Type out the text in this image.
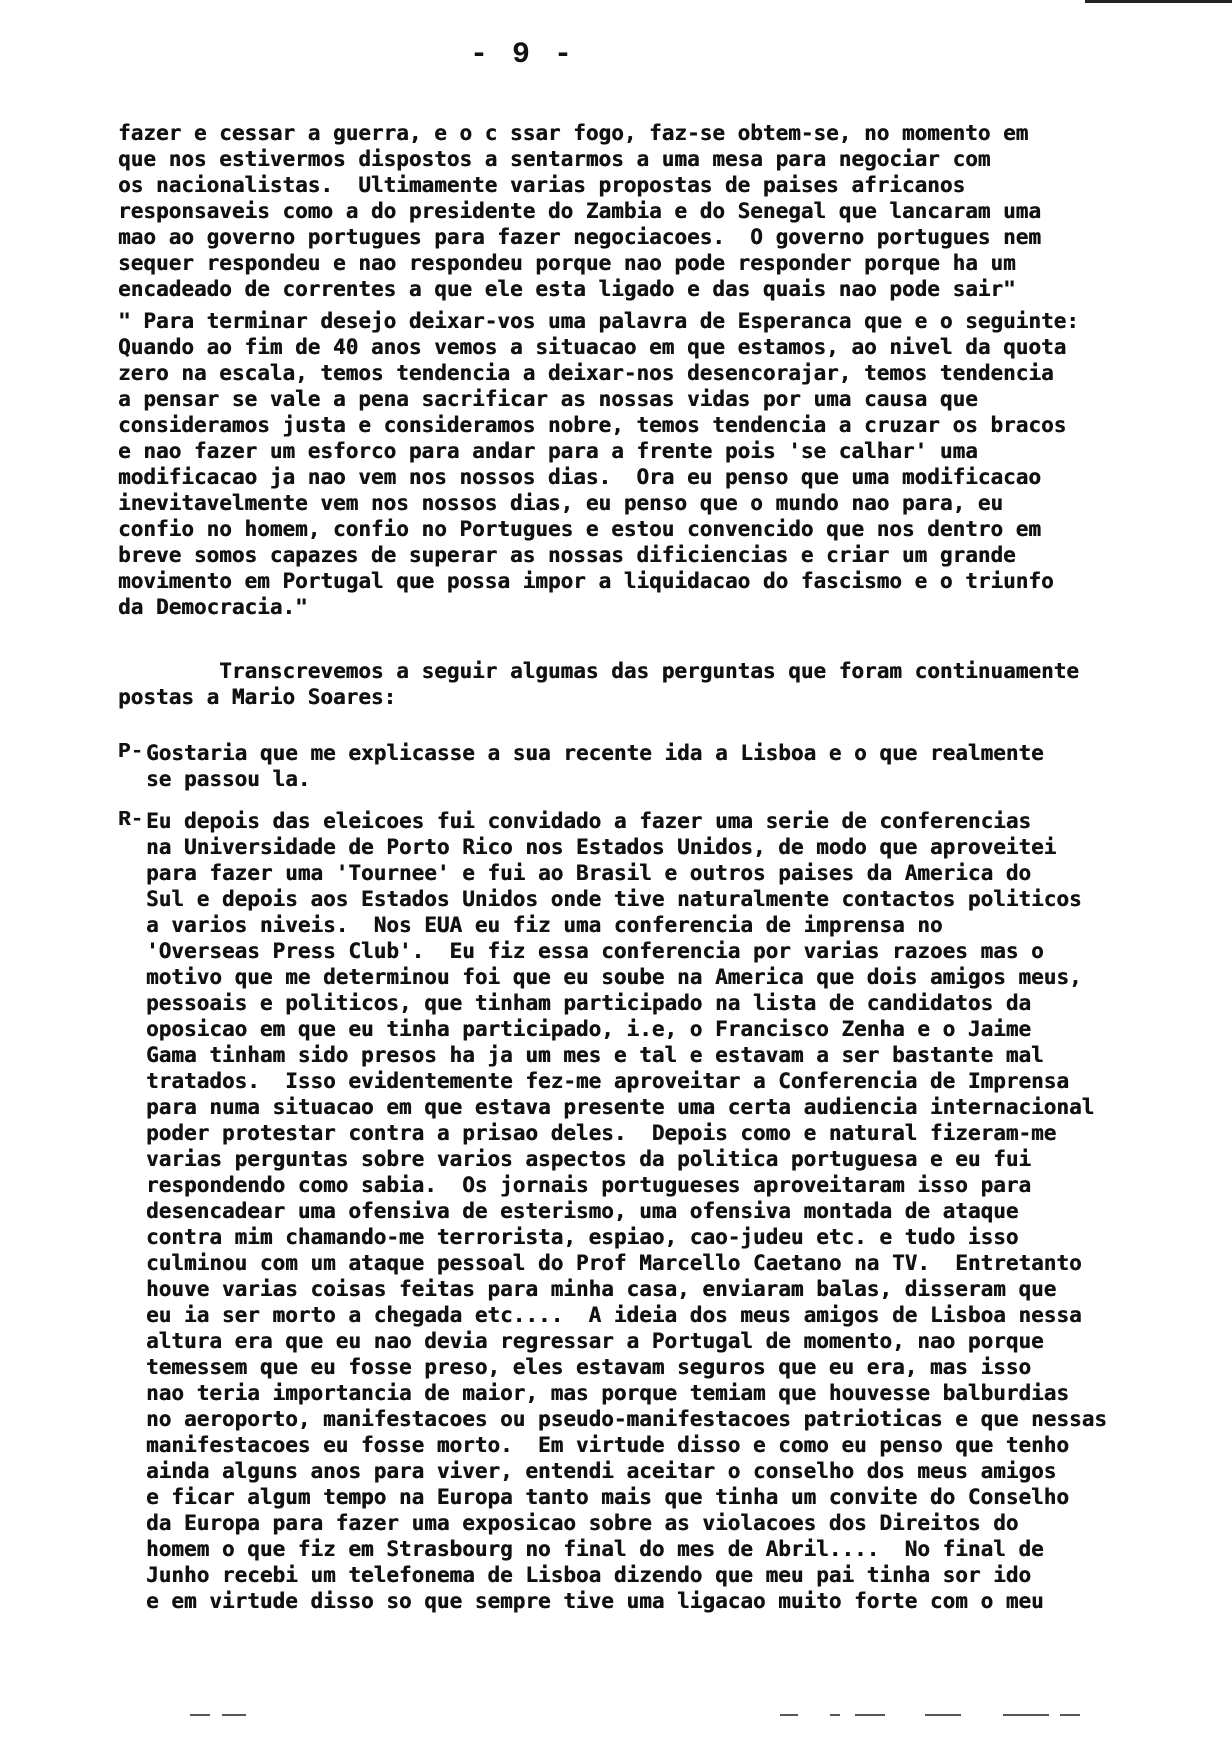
- 9 -
fazer e cessar a guerra, e o c ssar fogo, faz-se obtem-se, no momento em
que nos estivermos dispostos a sentarmos a uma mesa para negociar com
os nacionalistas.  Ultimamente varias propostas de paises africanos
responsaveis como a do presidente do Zambia e do Senegal que lancaram uma
mao ao governo portugues para fazer negociacoes.  O governo portugues nem
sequer respondeu e nao respondeu porque nao pode responder porque ha um
encadeado de correntes a que ele esta ligado e das quais nao pode sair"
" Para terminar desejo deixar-vos uma palavra de Esperanca que e o seguinte:
Quando ao fim de 40 anos vemos a situacao em que estamos, ao nivel da quota
zero na escala, temos tendencia a deixar-nos desencorajar, temos tendencia
a pensar se vale a pena sacrificar as nossas vidas por uma causa que
consideramos justa e consideramos nobre, temos tendencia a cruzar os bracos
e nao fazer um esforco para andar para a frente pois 'se calhar' uma
modificacao ja nao vem nos nossos dias.  Ora eu penso que uma modificacao
inevitavelmente vem nos nossos dias, eu penso que o mundo nao para, eu
confio no homem, confio no Portugues e estou convencido que nos dentro em
breve somos capazes de superar as nossas dificiencias e criar um grande
movimento em Portugal que possa impor a liquidacao do fascismo e o triunfo
da Democracia."
Transcrevemos a seguir algumas das perguntas que foram continuamente
postas a Mario Soares:
P- Gostaria que me explicasse a sua recente ida a Lisboa e o que realmente
se passou la.
R- Eu depois das eleicoes fui convidado a fazer uma serie de conferencias
na Universidade de Porto Rico nos Estados Unidos, de modo que aproveitei
para fazer uma 'Tournee' e fui ao Brasil e outros paises da America do
Sul e depois aos Estados Unidos onde tive naturalmente contactos politicos
a varios niveis.  Nos EUA eu fiz uma conferencia de imprensa no
'Overseas Press Club'.  Eu fiz essa conferencia por varias razoes mas o
motivo que me determinou foi que eu soube na America que dois amigos meus,
pessoais e politicos, que tinham participado na lista de candidatos da
oposicao em que eu tinha participado, i.e, o Francisco Zenha e o Jaime
Gama tinham sido presos ha ja um mes e tal e estavam a ser bastante mal
tratados.  Isso evidentemente fez-me aproveitar a Conferencia de Imprensa
para numa situacao em que estava presente uma certa audiencia internacional
poder protestar contra a prisao deles.  Depois como e natural fizeram-me
varias perguntas sobre varios aspectos da politica portuguesa e eu fui
respondendo como sabia.  Os jornais portugueses aproveitaram isso para
desencadear uma ofensiva de esterismo, uma ofensiva montada de ataque
contra mim chamando-me terrorista, espiao, cao-judeu etc. e tudo isso
culminou com um ataque pessoal do Prof Marcello Caetano na TV.  Entretanto
houve varias coisas feitas para minha casa, enviaram balas, disseram que
eu ia ser morto a chegada etc....  A ideia dos meus amigos de Lisboa nessa
altura era que eu nao devia regressar a Portugal de momento, nao porque
temessem que eu fosse preso, eles estavam seguros que eu era, mas isso
nao teria importancia de maior, mas porque temiam que houvesse balburdias
no aeroporto, manifestacoes ou pseudo-manifestacoes patrioticas e que nessas
manifestacoes eu fosse morto.  Em virtude disso e como eu penso que tenho
ainda alguns anos para viver, entendi aceitar o conselho dos meus amigos
e ficar algum tempo na Europa tanto mais que tinha um convite do Conselho
da Europa para fazer uma exposicao sobre as violacoes dos Direitos do
homem o que fiz em Strasbourg no final do mes de Abril....  No final de
Junho recebi um telefonema de Lisboa dizendo que meu pai tinha sor ido
e em virtude disso so que sempre tive uma ligacao muito forte com o meu
